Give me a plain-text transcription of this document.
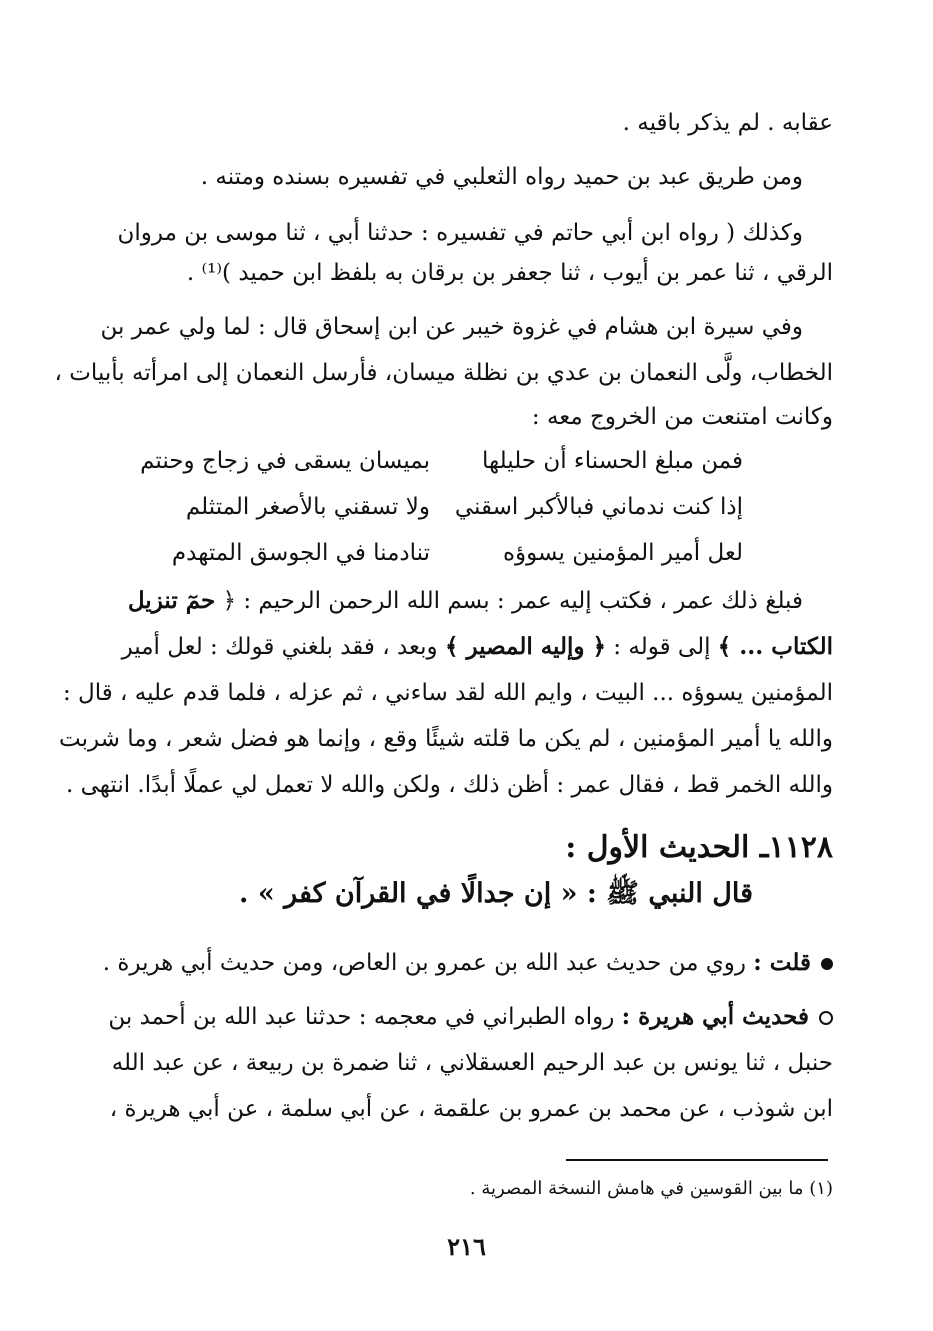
عقابه . لم يذكر باقيه .
ومن طريق عبد بن حميد رواه الثعلبي في تفسيره بسنده ومتنه .
وكذلك ( رواه ابن أبي حاتم في تفسيره : حدثنا أبي ، ثنا موسى بن مروان
الرقي ، ثنا عمر بن أيوب ، ثنا جعفر بن برقان به بلفظ ابن حميد )⁽¹⁾ .
وفي سيرة ابن هشام في غزوة خيبر عن ابن إسحاق قال : لما ولي عمر بن
الخطاب، ولَّى النعمان بن عدي بن نظلة ميسان، فأرسل النعمان إلى امرأته بأبيات ،
وكانت امتنعت من الخروج معه :
فمن مبلغ الحسناء أن حليلها
بميسان يسقى في زجاج وحنتم
إذا كنت ندماني فبالأكبر اسقني
ولا تسقني بالأصغر المتثلم
لعل أمير المؤمنين يسوؤه
تنادمنا في الجوسق المتهدم
فبلغ ذلك عمر ، فكتب إليه عمر : بسم الله الرحمن الرحيم : ﴿ حمٓ تنزيل
الكتاب ... ﴾ إلى قوله : ﴿ وإليه المصير ﴾ وبعد ، فقد بلغني قولك : لعل أمير
المؤمنين يسوؤه ... البيت ، وايم الله لقد ساءني ، ثم عزله ، فلما قدم عليه ، قال :
والله يا أمير المؤمنين ، لم يكن ما قلته شيئًا وقع ، وإنما هو فضل شعر ، وما شربت
والله الخمر قط ، فقال عمر : أظن ذلك ، ولكن والله لا تعمل لي عملًا أبدًا. انتهى .
١١٢٨ـ الحديث الأول :
قال النبي ﷺ : « إن جدالًا في القرآن كفر » .
قلت : روي من حديث عبد الله بن عمرو بن العاص، ومن حديث أبي هريرة .
فحديث أبي هريرة : رواه الطبراني في معجمه : حدثنا عبد الله بن أحمد بن
حنبل ، ثنا يونس بن عبد الرحيم العسقلاني ، ثنا ضمرة بن ربيعة ، عن عبد الله
ابن شوذب ، عن محمد بن عمرو بن علقمة ، عن أبي سلمة ، عن أبي هريرة ،
(١) ما بين القوسين في هامش النسخة المصرية .
٢١٦
